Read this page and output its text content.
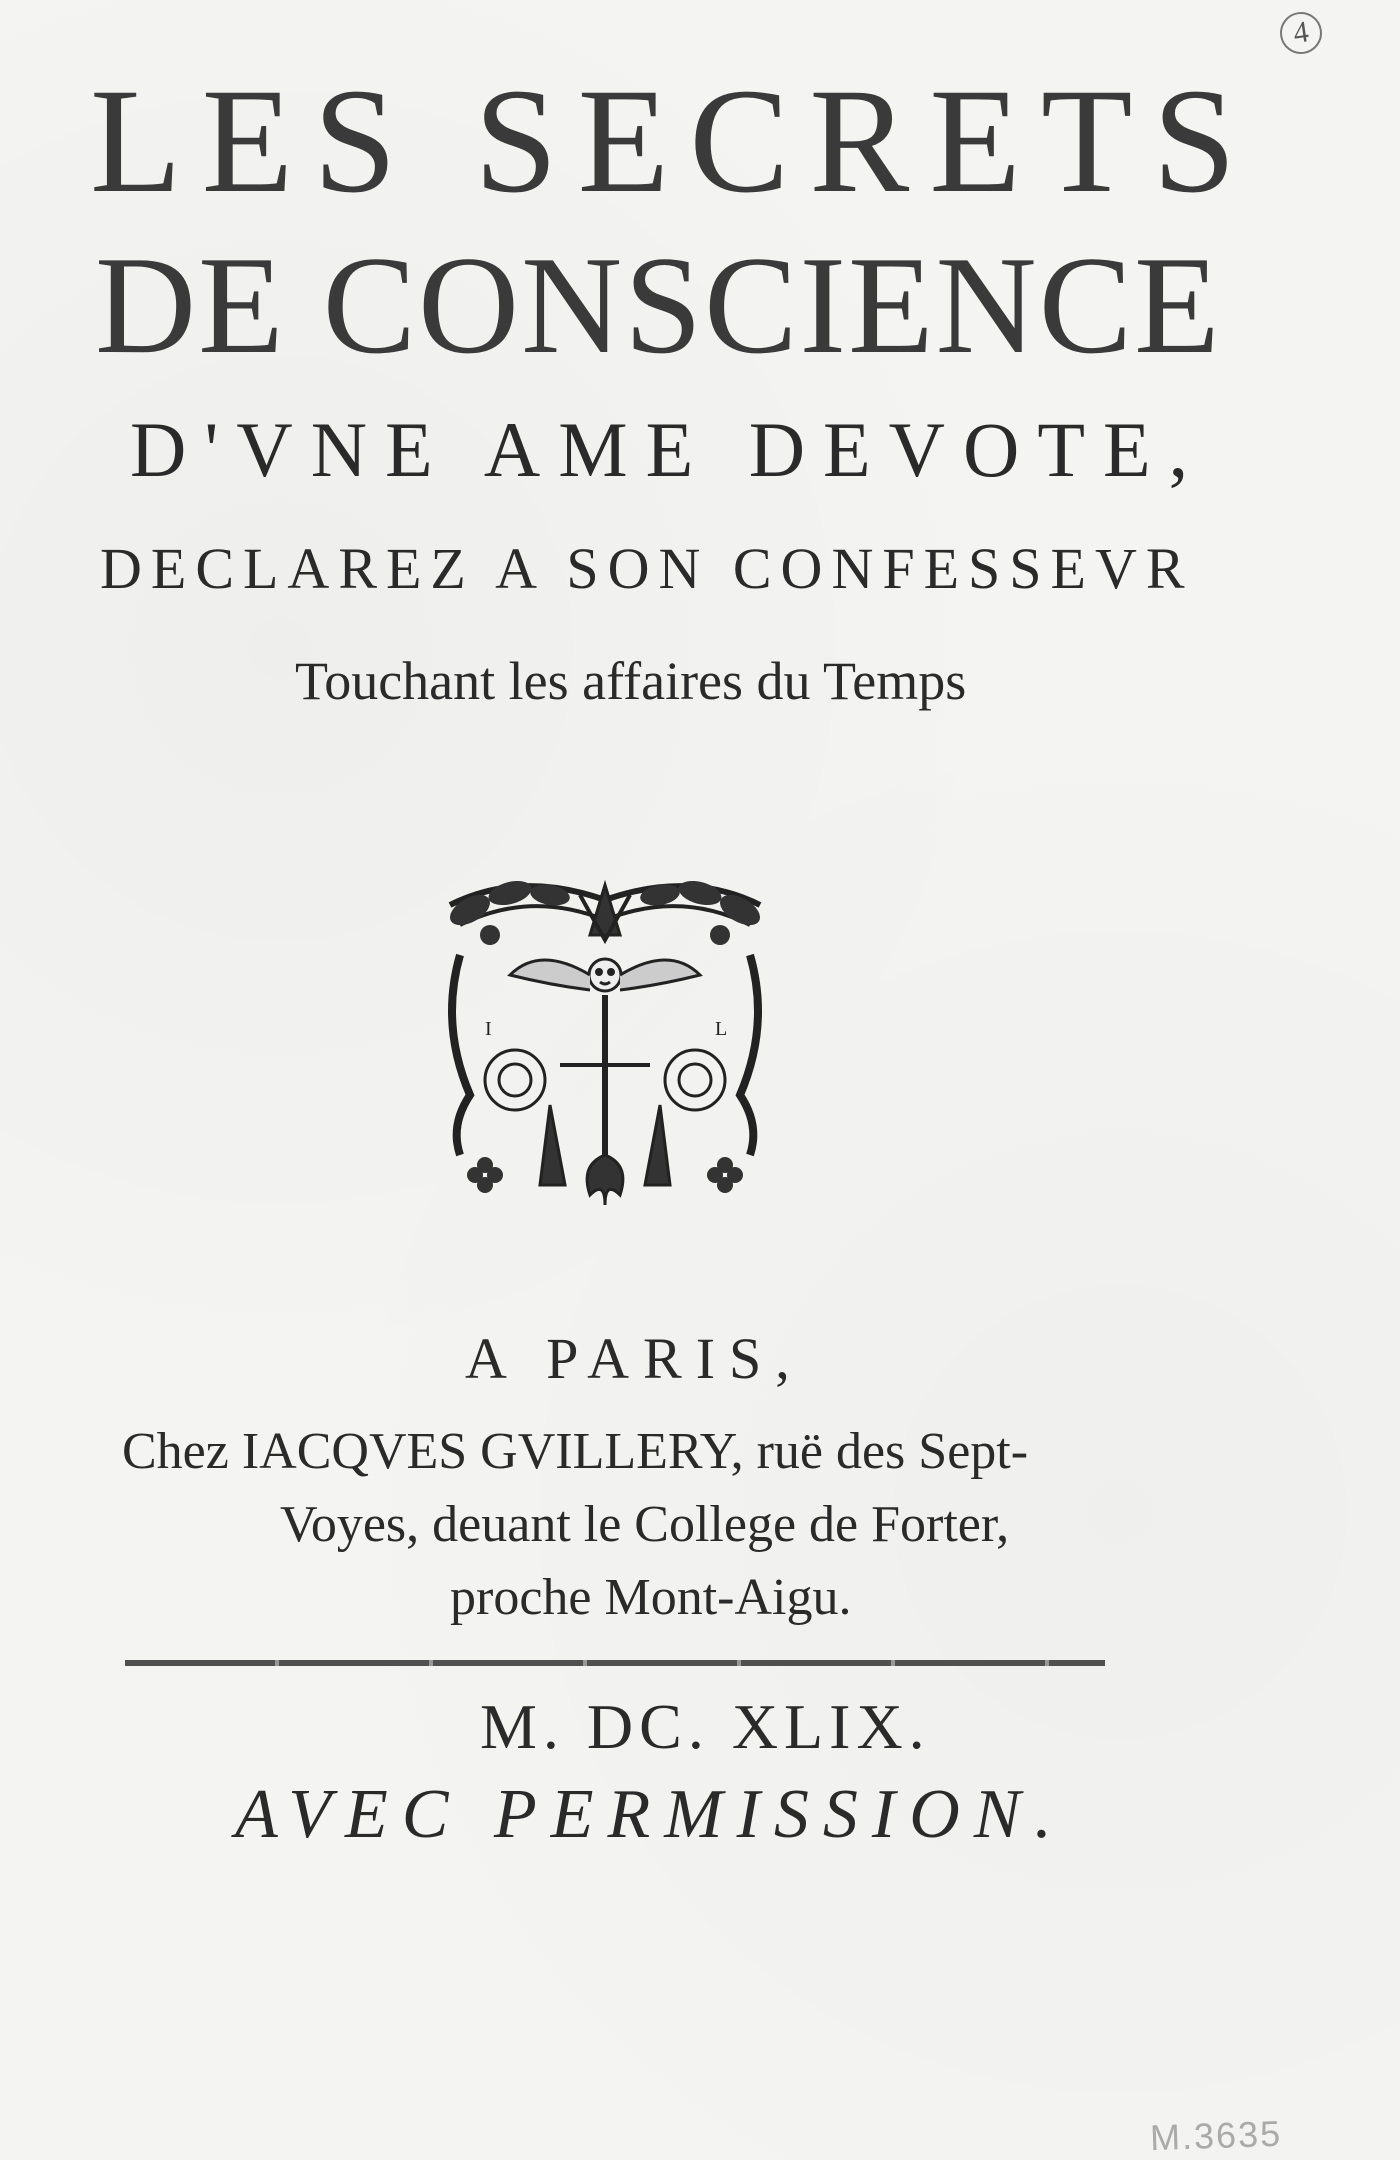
4
LES SECRETS
DE CONSCIENCE
D'VNE AME DEVOTE,
DECLAREZ A SON CONFESSEVR
Touchant les affaires du Temps
I	L
A PARIS,
Chez IACQVES GVILLERY, ruë des Sept-
Voyes, deuant le College de Forter,
proche Mont-Aigu.
M. DC. XLIX.
AVEC PERMISSION.
M.3635
